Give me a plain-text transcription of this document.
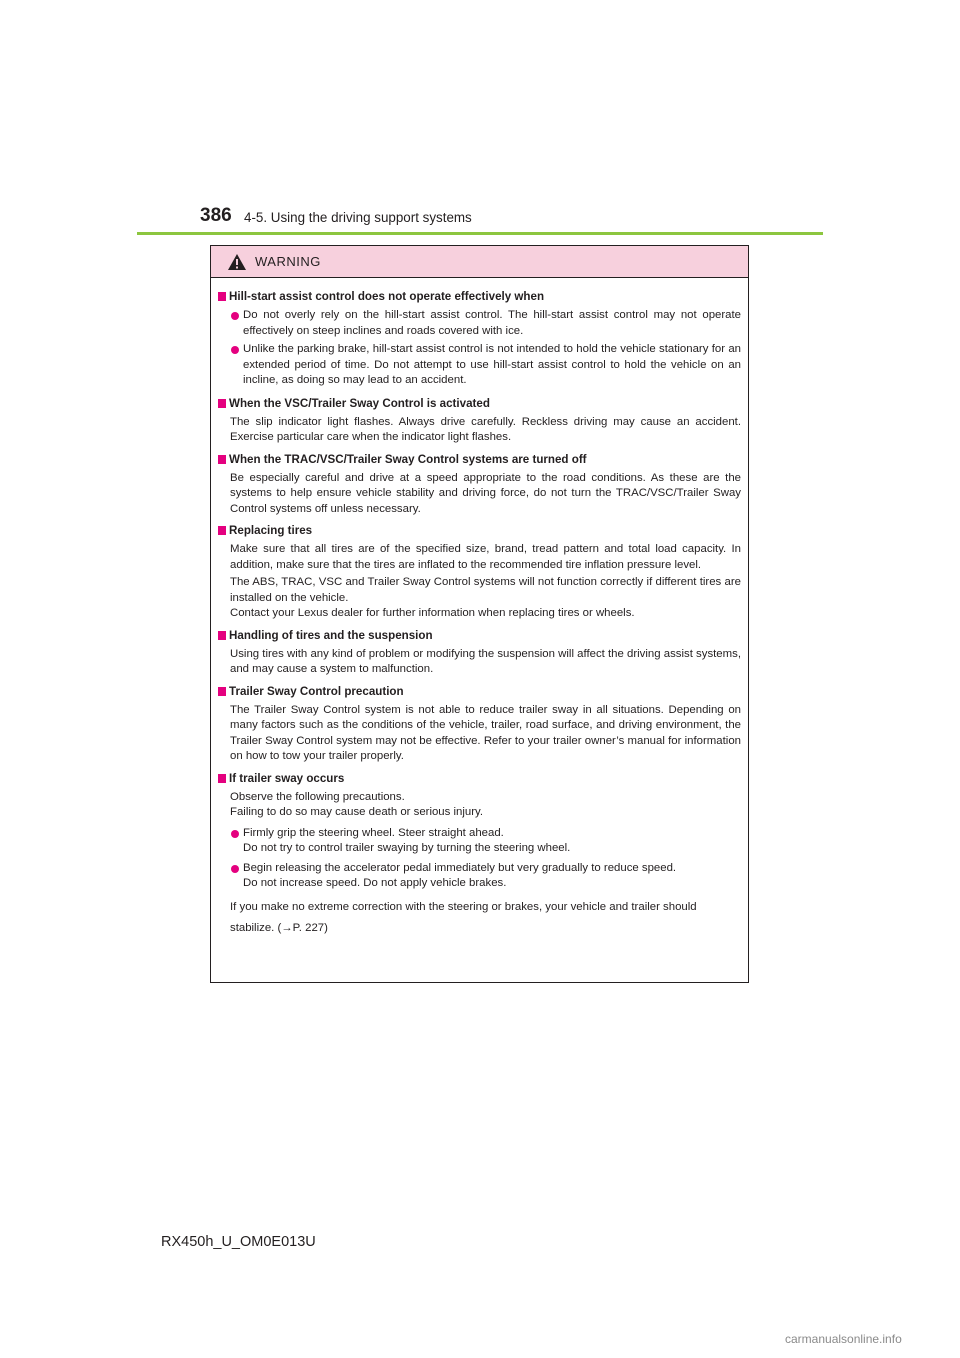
386 4-5. Using the driving support systems
WARNING
Hill-start assist control does not operate effectively when
Do not overly rely on the hill-start assist control. The hill-start assist control may not operate effectively on steep inclines and roads covered with ice.
Unlike the parking brake, hill-start assist control is not intended to hold the vehicle stationary for an extended period of time. Do not attempt to use hill-start assist control to hold the vehicle on an incline, as doing so may lead to an accident.
When the VSC/Trailer Sway Control is activated
The slip indicator light flashes. Always drive carefully. Reckless driving may cause an accident. Exercise particular care when the indicator light flashes.
When the TRAC/VSC/Trailer Sway Control systems are turned off
Be especially careful and drive at a speed appropriate to the road conditions. As these are the systems to help ensure vehicle stability and driving force, do not turn the TRAC/VSC/Trailer Sway Control systems off unless necessary.
Replacing tires
Make sure that all tires are of the specified size, brand, tread pattern and total load capacity. In addition, make sure that the tires are inflated to the recommended tire inflation pressure level.
The ABS, TRAC, VSC and Trailer Sway Control systems will not function correctly if different tires are installed on the vehicle.
Contact your Lexus dealer for further information when replacing tires or wheels.
Handling of tires and the suspension
Using tires with any kind of problem or modifying the suspension will affect the driving assist systems, and may cause a system to malfunction.
Trailer Sway Control precaution
The Trailer Sway Control system is not able to reduce trailer sway in all situations. Depending on many factors such as the conditions of the vehicle, trailer, road surface, and driving environment, the Trailer Sway Control system may not be effective. Refer to your trailer owner’s manual for information on how to tow your trailer properly.
If trailer sway occurs
Observe the following precautions.
Failing to do so may cause death or serious injury.
Firmly grip the steering wheel. Steer straight ahead.
Do not try to control trailer swaying by turning the steering wheel.
Begin releasing the accelerator pedal immediately but very gradually to reduce speed.
Do not increase speed. Do not apply vehicle brakes.
If you make no extreme correction with the steering or brakes, your vehicle and trailer should stabilize. (→P. 227)
RX450h_U_OM0E013U
carmanualsonline.info
